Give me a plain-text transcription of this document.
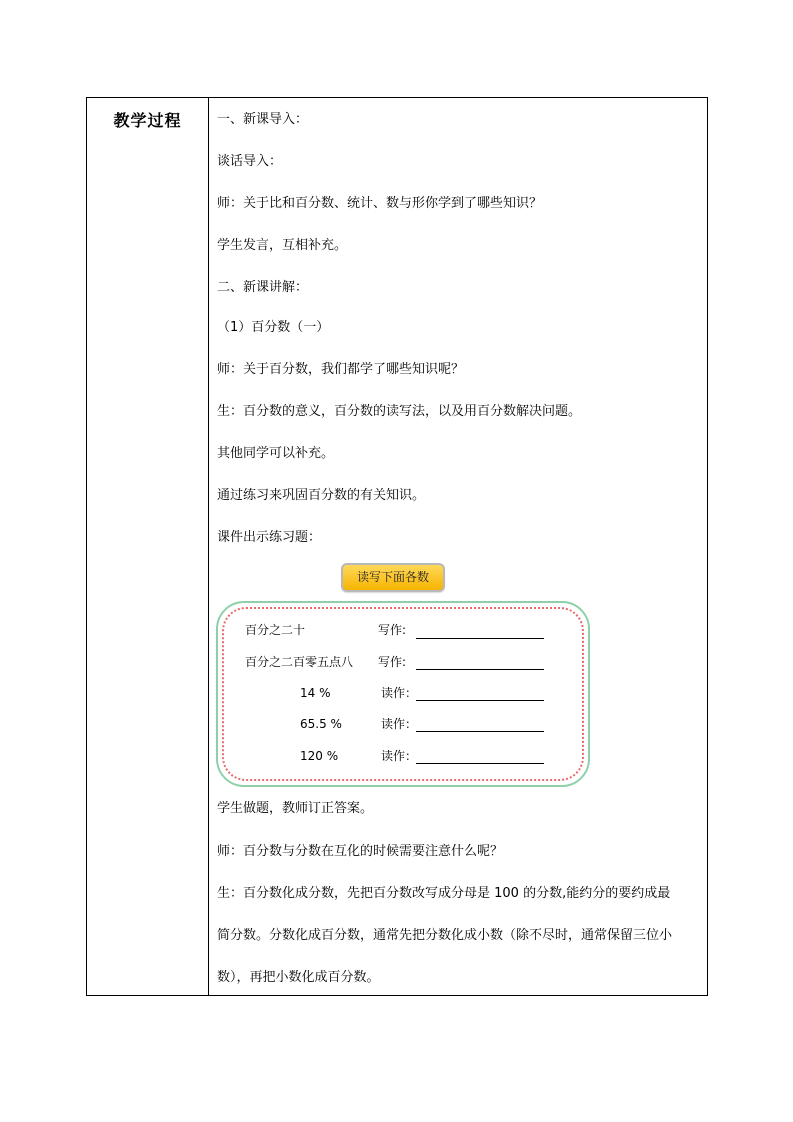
教学过程	一、新课导入：
谈话导入：
师：关于比和百分数、统计、数与形你学到了哪些知识？
学生发言，互相补充。
二、新课讲解：
（1）百分数（一）
师：关于百分数，我们都学了哪些知识呢？
生：百分数的意义，百分数的读写法，以及用百分数解决问题。
其他同学可以补充。
通过练习来巩固百分数的有关知识。
课件出示练习题：
读写下面各数
百分之二十	写作:
百分之二百零五点八 写作:
14 %	读作：
65.5 %	读作：
120 %	读作：
学生做题，教师订正答案。
师：百分数与分数在互化的时候需要注意什么呢？
生：百分数化成分数，先把百分数改写成分母是 100 的分数,能约分的要约成最
简分数。分数化成百分数，通常先把分数化成小数（除不尽时，通常保留三位小
数），再把小数化成百分数。
